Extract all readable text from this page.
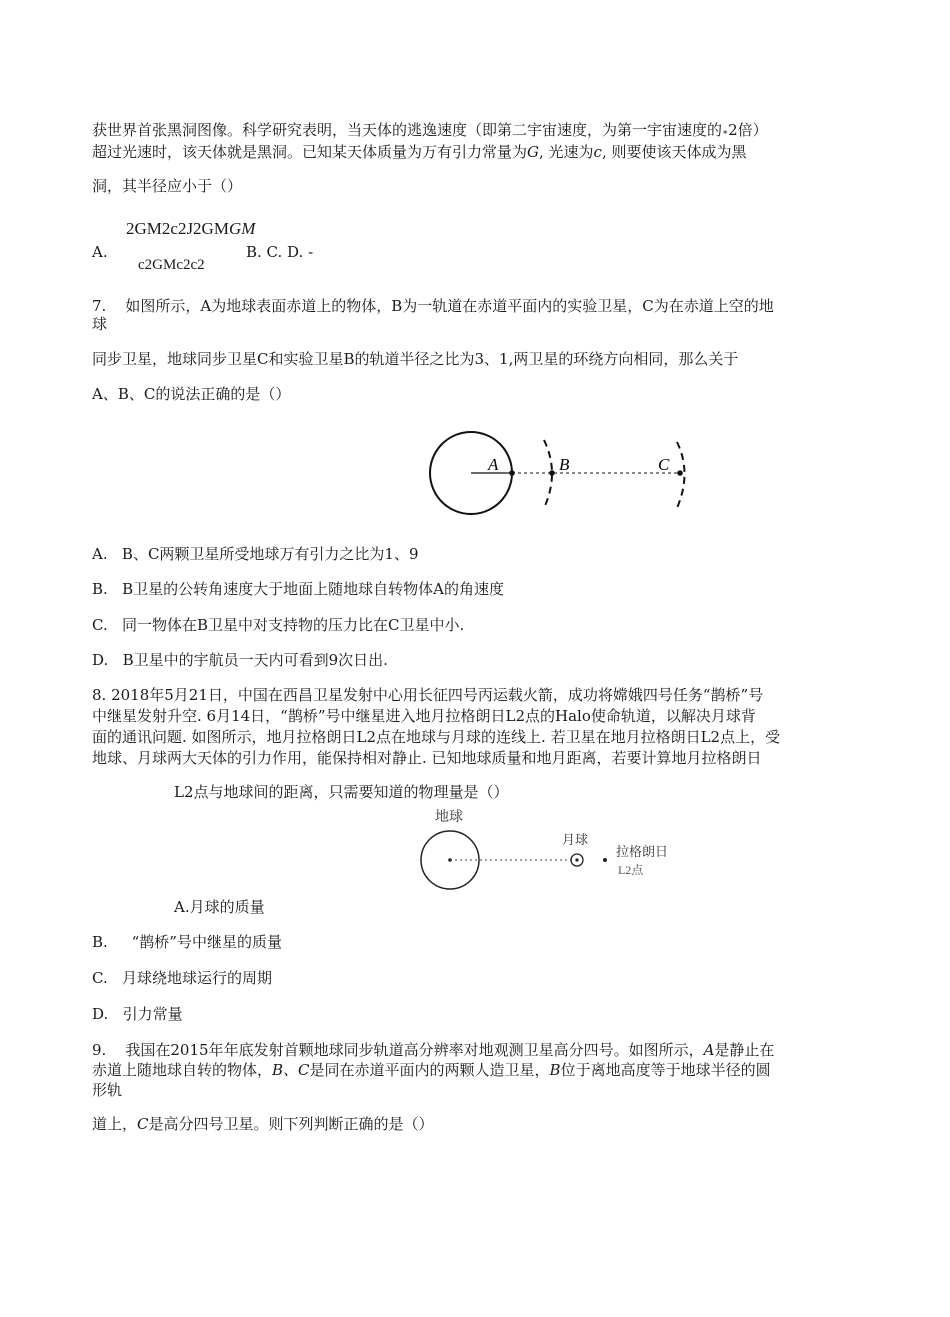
获世界首张黑洞图像。科学研究表明，当天体的逃逸速度（即第二宇宙速度，为第一宇宙速度的∗2倍）
超过光速时，该天体就是黑洞。已知某天体质量为万有引力常量为G, 光速为c, 则要使该天体成为黑
洞，其半径应小于（）
2GM2c2J2GMGM
A.	B. C. D. -
c2GMc2c2
7. 如图所示，A为地球表面赤道上的物体，B为一轨道在赤道平面内的实验卫星，C为在赤道上空的地
球
同步卫星，地球同步卫星C和实验卫星B的轨道半径之比为3、1,两卫星的环绕方向相同，那么关于
A、B、C的说法正确的是（）
A	B	C
A. B、C两颗卫星所受地球万有引力之比为1、9
B. B卫星的公转角速度大于地面上随地球自转物体A的角速度
C. 同一物体在B卫星中对支持物的压力比在C卫星中小.
D. B卫星中的宇航员一天内可看到9次日出.
8. 2018年5月21日，中国在西昌卫星发射中心用长征四号丙运载火箭，成功将嫦娥四号任务“鹊桥”号
中继星发射升空. 6月14日，“鹊桥”号中继星进入地月拉格朗日L2点的Halo使命轨道，以解决月球背
面的通讯问题. 如图所示，地月拉格朗日L2点在地球与月球的连线上. 若卫星在地月拉格朗日L2点上，受
地球、月球两大天体的引力作用，能保持相对静止. 已知地球质量和地月距离，若要计算地月拉格朗日
L2点与地球间的距离，只需要知道的物理量是（）
地球
月球
拉格朗日
L2点
A.月球的质量
B. “鹊桥”号中继星的质量
C. 月球绕地球运行的周期
D. 引力常量
9. 我国在2015年年底发射首颗地球同步轨道高分辨率对地观测卫星高分四号。如图所示，A是静止在
赤道上随地球自转的物体，B、C是同在赤道平面内的两颗人造卫星，B位于离地高度等于地球半径的圆
形轨
道上，C是高分四号卫星。则下列判断正确的是（）
